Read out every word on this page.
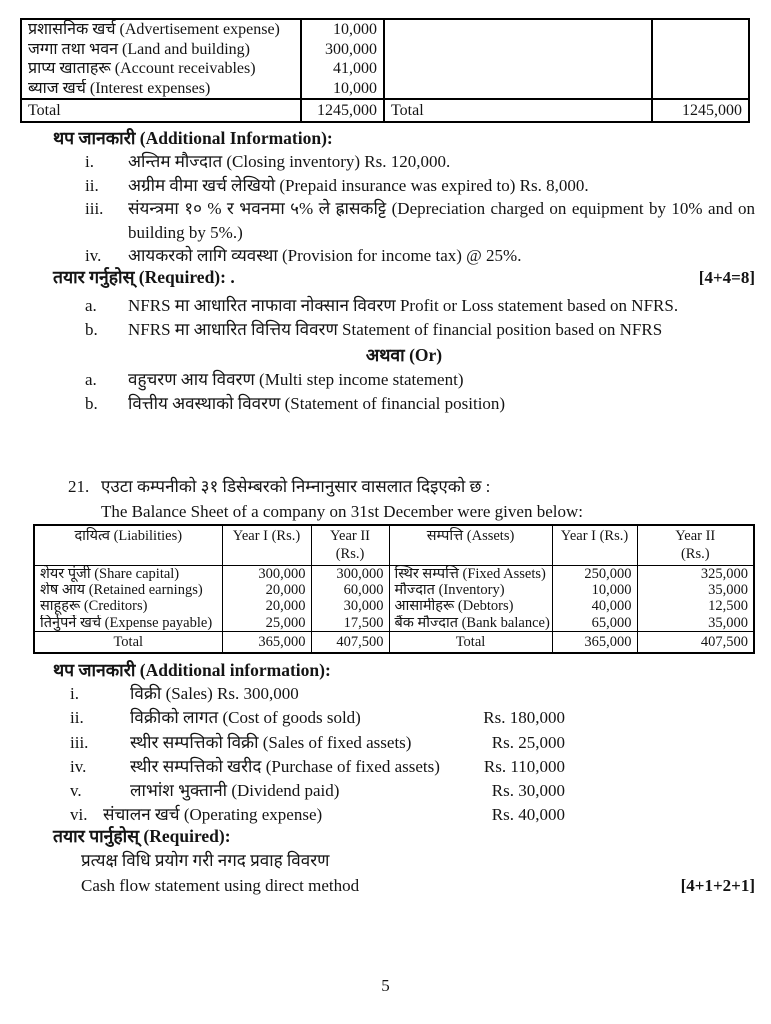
प्रशासनिक खर्च (Advertisement expense)	10,000		
जग्गा तथा भवन (Land and building)	300,000		
प्राप्य खाताहरू (Account receivables)	41,000		
ब्याज खर्च (Interest expenses)	10,000		
Total	1245,000	Total	1245,000
थप जानकारी (Additional Information):
i.	अन्तिम मौज्दात (Closing inventory) Rs. 120,000.
ii.	अग्रीम वीमा खर्च लेखियो (Prepaid insurance was expired to) Rs. 8,000.
iii.	संयन्त्रमा १० % र भवनमा ५% ले ह्रासकट्टि (Depreciation charged on equipment by 10% and on building by 5%.)
iv.	आयकरको लागि व्यवस्था (Provision for income tax) @ 25%.
तयार गर्नुहोस् (Required): .	[4+4=8]
a.	NFRS मा आधारित नाफावा नोक्सान विवरण Profit or Loss statement based on NFRS.
b.	NFRS मा आधारित वित्तिय विवरण Statement of financial position based on NFRS
अथवा (Or)
a.	वहुचरण आय विवरण (Multi step income statement)
b.	वित्तीय अवस्थाको विवरण (Statement of financial position)
21. एउटा कम्पनीको ३१ डिसेम्बरको निम्नानुसार वासलात दिइएको छ :
The Balance Sheet of a company on 31st December were given below:
दायित्व (Liabilities)	Year I (Rs.)	Year II
(Rs.)	सम्पत्ति (Assets)	Year I (Rs.)	Year II
(Rs.)
शेयर पूंजी (Share capital)	300,000	300,000	स्थिर सम्पत्ति (Fixed Assets)	250,000	325,000
शेष आय (Retained earnings)	20,000	60,000	मौज्दात (Inventory)	10,000	35,000
साहूहरू (Creditors)	20,000	30,000	आसामीहरू (Debtors)	40,000	12,500
तिर्नुपर्ने खर्च (Expense payable)	25,000	17,500	बैंक मौज्दात (Bank balance)	65,000	35,000
Total	365,000	407,500	Total	365,000	407,500
थप जानकारी (Additional information):
i.	विक्री (Sales) Rs. 300,000
ii.	विक्रीको लागत (Cost of goods sold)	Rs. 180,000
iii.	स्थीर सम्पत्तिको विक्री (Sales of fixed assets)	Rs. 25,000
iv.	स्थीर सम्पत्तिको खरीद (Purchase of fixed assets)	Rs. 110,000
v.	लाभांश भुक्तानी (Dividend paid)	Rs. 30,000
vi. संचालन खर्च (Operating expense)	Rs. 40,000
तयार पार्नुहोस् (Required):
प्रत्यक्ष विधि प्रयोग गरी नगद प्रवाह विवरण
Cash flow statement using direct method	[4+1+2+1]
5
